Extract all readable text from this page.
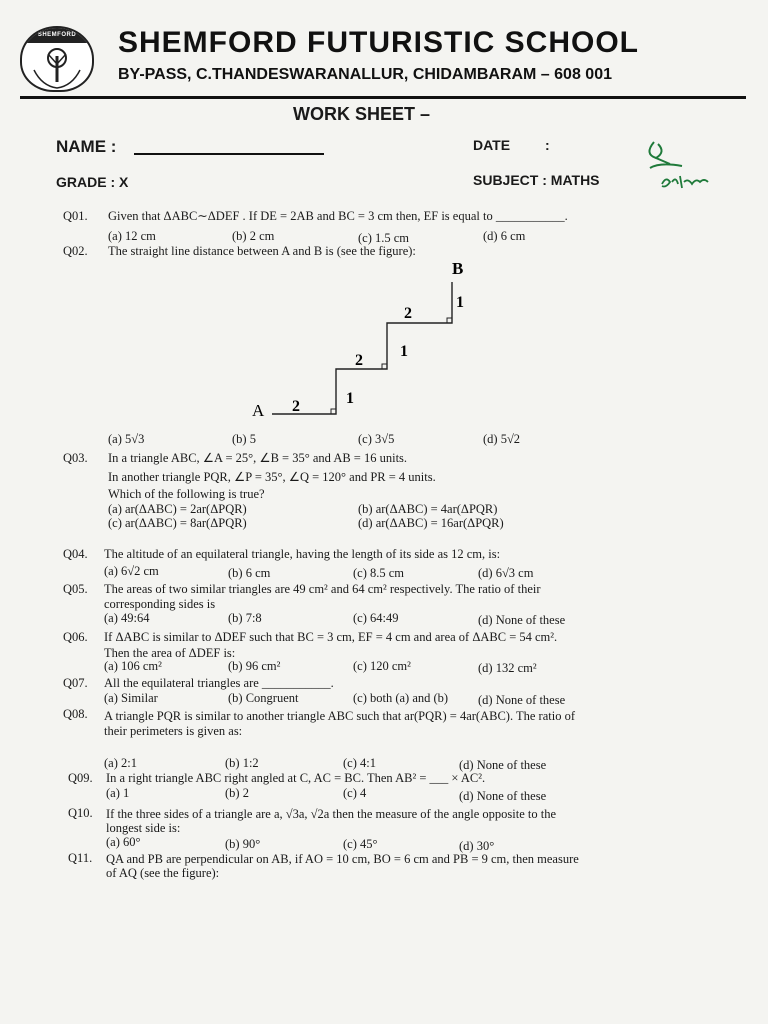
SHEMFORD	SHEMFORD FUTURISTIC SCHOOL
BY-PASS, C.THANDESWARANALLUR, CHIDAMBARAM – 608 001
WORK SHEET –
NAME :	DATE :
GRADE : X	SUBJECT : MATHS
Q01. Given that ΔABC∼ΔDEF . If DE = 2AB and BC = 3 cm then, EF is equal to ___________.
(a) 12 cm	(b) 2 cm	(c) 1.5 cm	(d) 6 cm
Q02. The straight line distance between A and B is (see the figure):
A
B
2	1
2
1
2
1
(a) 5√3	(b) 5	(c) 3√5	(d) 5√2
Q03. In a triangle ABC, ∠A = 25°, ∠B = 35° and AB = 16 units.
In another triangle PQR, ∠P = 35°, ∠Q = 120° and PR = 4 units.
Which of the following is true?
(a) ar(ΔABC) = 2ar(ΔPQR)	(b) ar(ΔABC) = 4ar(ΔPQR)
(c) ar(ΔABC) = 8ar(ΔPQR)	(d) ar(ΔABC) = 16ar(ΔPQR)
Q04. The altitude of an equilateral triangle, having the length of its side as 12 cm, is:
(a) 6√2 cm	(b) 6 cm	(c) 8.5 cm	(d) 6√3 cm
Q05. The areas of two similar triangles are 49 cm² and 64 cm² respectively. The ratio of their
corresponding sides is
(a) 49:64	(b) 7:8	(c) 64:49	(d) None of these
Q06. If ΔABC is similar to ΔDEF such that BC = 3 cm, EF = 4 cm and area of ΔABC = 54 cm².
Then the area of ΔDEF is:
(a) 106 cm²	(b) 96 cm²	(c) 120 cm²	(d) 132 cm²
Q07. All the equilateral triangles are ___________.
(a) Similar	(b) Congruent	(c) both (a) and (b) (d) None of these
Q08. A triangle PQR is similar to another triangle ABC such that ar(PQR) = 4ar(ABC). The ratio of
their perimeters is given as:
(a) 2:1	(b) 1:2	(c) 4:1	(d) None of these
Q09. In a right triangle ABC right angled at C, AC = BC. Then AB² = ___ × AC².
(a) 1	(b) 2	(c) 4	(d) None of these
Q10. If the three sides of a triangle are a, √3a, √2a then the measure of the angle opposite to the
longest side is:
(a) 60°	(b) 90°	(c) 45°	(d) 30°
Q11. QA and PB are perpendicular on AB, if AO = 10 cm, BO = 6 cm and PB = 9 cm, then measure
of AQ (see the figure):
